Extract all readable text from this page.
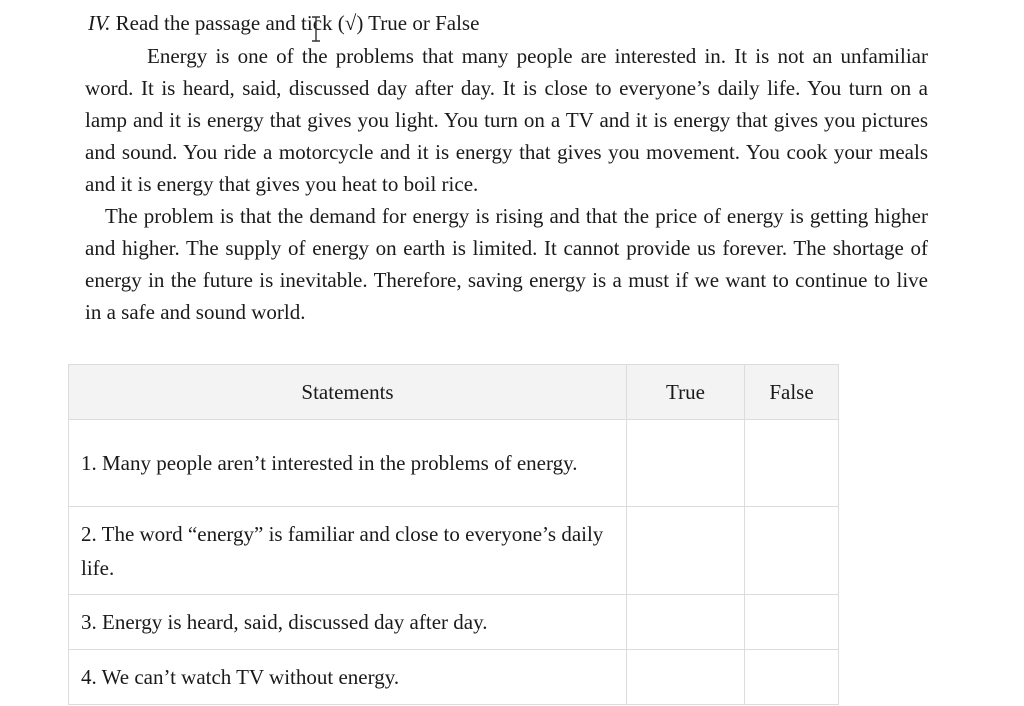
IV. Read the passage and tick (√) True or False

Energy is one of the problems that many people are interested in. It is not an unfamiliar word. It is heard, said, discussed day after day. It is close to everyone’s daily life. You turn on a lamp and it is energy that gives you light. You turn on a TV and it is energy that gives you pictures and sound. You ride a motorcycle and it is energy that gives you movement. You cook your meals and it is energy that gives you heat to boil rice.

The problem is that the demand for energy is rising and that the price of energy is getting higher and higher. The supply of energy on earth is limited. It cannot provide us forever. The shortage of energy in the future is inevitable. Therefore, saving energy is a must if we want to continue to live in a safe and sound world.

Statements	True	False
1. Many people aren’t interested in the problems of energy.		
2. The word “energy” is familiar and close to everyone’s daily life.		
3. Energy is heard, said, discussed day after day.		
4. We can’t watch TV without energy.		
